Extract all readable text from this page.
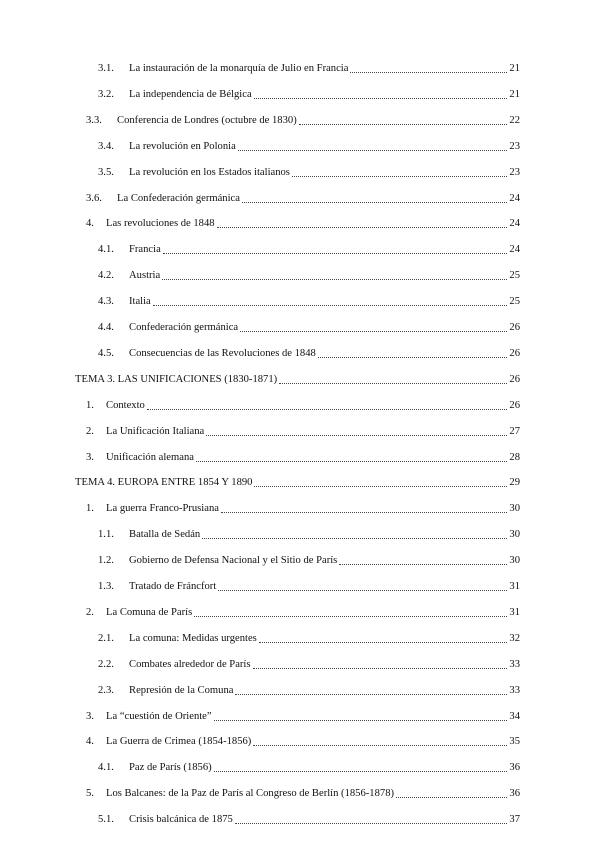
3.1.	La instauración de la monarquía de Julio en Francia	21
3.2.	La independencia de Bélgica	21
3.3.	Conferencia de Londres (octubre de 1830)	22
3.4.	La revolución en Polonia	23
3.5.	La revolución en los Estados italianos	23
3.6.	La Confederación germánica	24
4.	Las revoluciones de 1848	24
4.1.	Francia	24
4.2.	Austria	25
4.3.	Italia	25
4.4.	Confederación germánica	26
4.5.	Consecuencias de las Revoluciones de 1848	26
TEMA 3. LAS UNIFICACIONES (1830-1871)	26
1.	Contexto	26
2.	La Unificación Italiana	27
3.	Unificación alemana	28
TEMA 4. EUROPA ENTRE 1854 Y 1890	29
1.	La guerra Franco-Prusiana	30
1.1.	Batalla de Sedán	30
1.2.	Gobierno de Defensa Nacional y el Sitio de París	30
1.3.	Tratado de Fráncfort	31
2.	La Comuna de París	31
2.1.	La comuna: Medidas urgentes	32
2.2.	Combates alrededor de París	33
2.3.	Represión de la Comuna	33
3.	La “cuestión de Oriente”	34
4.	La Guerra de Crimea (1854-1856)	35
4.1.	Paz de París (1856)	36
5.	Los Balcanes: de la Paz de París al Congreso de Berlín (1856-1878)	36
5.1.	Crisis balcánica de 1875	37
